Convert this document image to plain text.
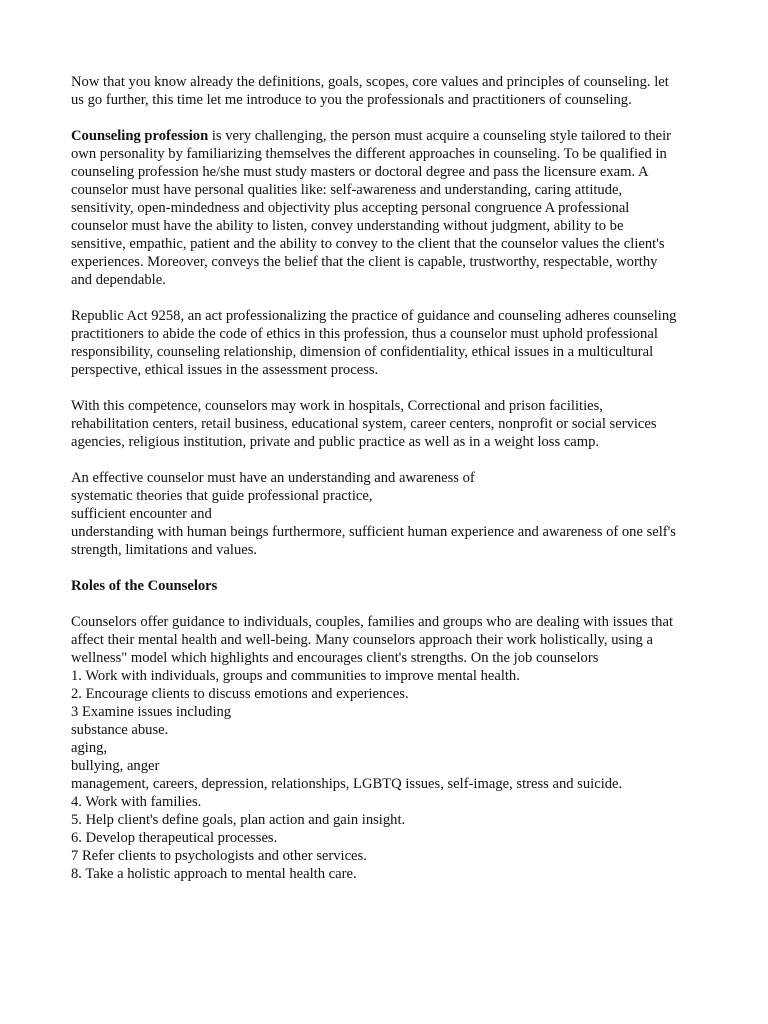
Now that you know already the definitions, goals, scopes, core values and principles of counseling. let
us go further, this time let me introduce to you the professionals and practitioners of counseling.

Counseling profession is very challenging, the person must acquire a counseling style tailored to their
own personality by familiarizing themselves the different approaches in counseling. To be qualified in
counseling profession he/she must study masters or doctoral degree and pass the licensure exam. A
counselor must have personal qualities like: self-awareness and understanding, caring attitude,
sensitivity, open-mindedness and objectivity plus accepting personal congruence A professional
counselor must have the ability to listen, convey understanding without judgment, ability to be
sensitive, empathic, patient and the ability to convey to the client that the counselor values the client's
experiences. Moreover, conveys the belief that the client is capable, trustworthy, respectable, worthy
and dependable.

Republic Act 9258, an act professionalizing the practice of guidance and counseling adheres counseling
practitioners to abide the code of ethics in this profession, thus a counselor must uphold professional
responsibility, counseling relationship, dimension of confidentiality, ethical issues in a multicultural
perspective, ethical issues in the assessment process.

With this competence, counselors may work in hospitals, Correctional and prison facilities,
rehabilitation centers, retail business, educational system, career centers, nonprofit or social services
agencies, religious institution, private and public practice as well as in a weight loss camp.

An effective counselor must have an understanding and awareness of
systematic theories that guide professional practice,
sufficient encounter and
understanding with human beings furthermore, sufficient human experience and awareness of one self's
strength, limitations and values.

Roles of the Counselors

Counselors offer guidance to individuals, couples, families and groups who are dealing with issues that
affect their mental health and well-being. Many counselors approach their work holistically, using a
wellness" model which highlights and encourages client's strengths. On the job counselors
1. Work with individuals, groups and communities to improve mental health.
2. Encourage clients to discuss emotions and experiences.
3 Examine issues including
substance abuse.
aging,
bullying, anger
management, careers, depression, relationships, LGBTQ issues, self-image, stress and suicide.
4. Work with families.
5. Help client's define goals, plan action and gain insight.
6. Develop therapeutical processes.
7 Refer clients to psychologists and other services.
8. Take a holistic approach to mental health care.
